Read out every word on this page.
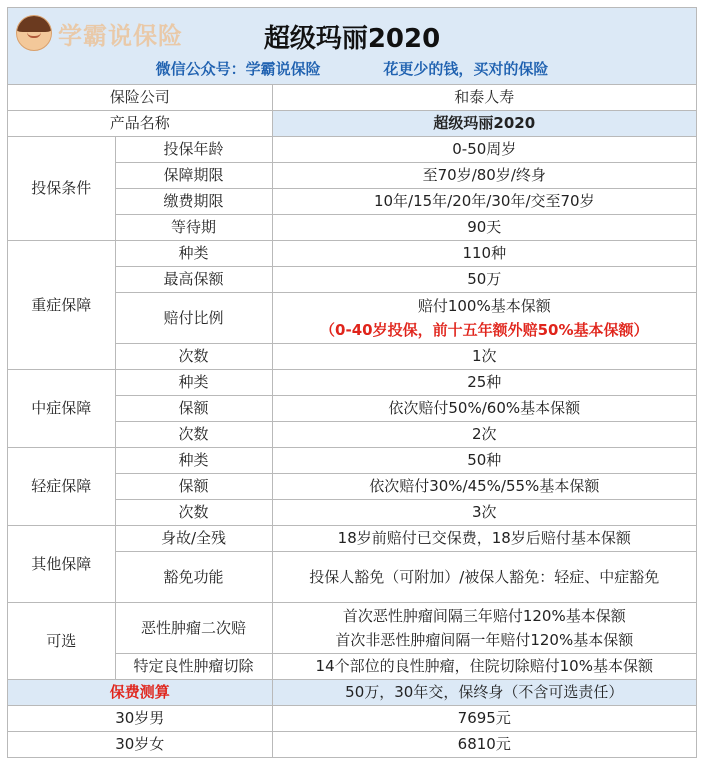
学霸说保险	超级玛丽2020
微信公众号：学霸说保险	花更少的钱，买对的保险
保险公司		和泰人寿
产品名称		超级玛丽2020
投保条件	投保年龄	0-50周岁
	保障期限	至70岁/80岁/终身
	缴费期限	10年/15年/20年/30年/交至70岁
	等待期	90天
重症保障	种类	110种
	最高保额	50万
	赔付比例	赔付100%基本保额
（0-40岁投保，前十五年额外赔50%基本保额）

	次数	1次
中症保障	种类	25种
	保额	依次赔付50%/60%基本保额
	次数	2次
轻症保障	种类	50种
	保额	依次赔付30%/45%/55%基本保额
	次数	3次
其他保障	身故/全残	18岁前赔付已交保费，18岁后赔付基本保额
	豁免功能	投保人豁免（可附加）/被保人豁免：轻症、中症豁免
可选	恶性肿瘤二次赔	首次恶性肿瘤间隔三年赔付120%基本保额
首次非恶性肿瘤间隔一年赔付120%基本保额

	特定良性肿瘤切除	14个部位的良性肿瘤，住院切除赔付10%基本保额
保费测算		50万，30年交，保终身（不含可选责任）
30岁男		7695元
30岁女		6810元
